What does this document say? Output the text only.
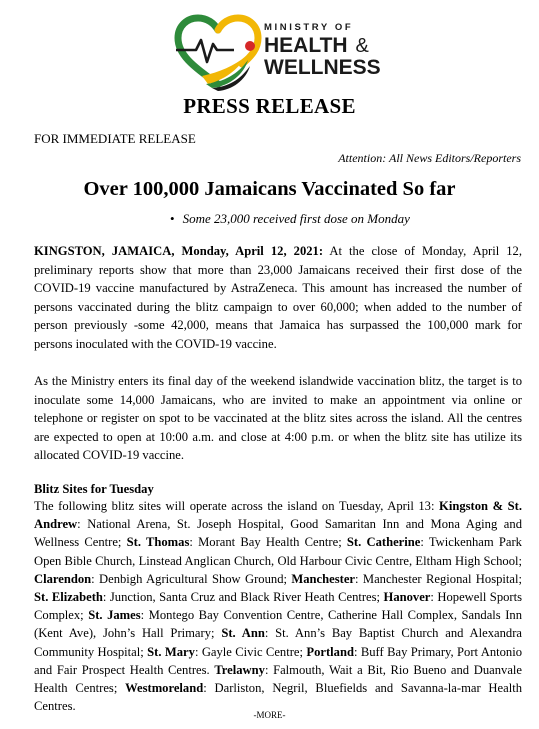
MINISTRY OF
HEALTH &
WELLNESS
PRESS RELEASE
FOR IMMEDIATE RELEASE
Attention: All News Editors/Reporters
Over 100,000 Jamaicans Vaccinated So far
• Some 23,000 received first dose on Monday
KINGSTON, JAMAICA, Monday, April 12, 2021: At the close of Monday, April 12, preliminary reports show that more than 23,000 Jamaicans received their first dose of the COVID-19 vaccine manufactured by AstraZeneca. This amount has increased the number of persons vaccinated during the blitz campaign to over 60,000; when added to the number of person previously -some 42,000, means that Jamaica has surpassed the 100,000 mark for persons inoculated with the COVID-19 vaccine.
As the Ministry enters its final day of the weekend islandwide vaccination blitz, the target is to inoculate some 14,000 Jamaicans, who are invited to make an appointment via online or telephone or register on spot to be vaccinated at the blitz sites across the island. All the centres are expected to open at 10:00 a.m. and close at 4:00 p.m. or when the blitz site has utilize its allocated COVID-19 vaccine.
Blitz Sites for Tuesday
The following blitz sites will operate across the island on Tuesday, April 13: Kingston & St. Andrew: National Arena, St. Joseph Hospital, Good Samaritan Inn and Mona Aging and Wellness Centre; St. Thomas: Morant Bay Health Centre; St. Catherine: Twickenham Park Open Bible Church, Linstead Anglican Church, Old Harbour Civic Centre, Eltham High School; Clarendon: Denbigh Agricultural Show Ground; Manchester: Manchester Regional Hospital; St. Elizabeth: Junction, Santa Cruz and Black River Heath Centres; Hanover: Hopewell Sports Complex; St. James: Montego Bay Convention Centre, Catherine Hall Complex, Sandals Inn (Kent Ave), John’s Hall Primary; St. Ann: St. Ann’s Bay Baptist Church and Alexandra Community Hospital; St. Mary: Gayle Civic Centre; Portland: Buff Bay Primary, Port Antonio and Fair Prospect Health Centres. Trelawny: Falmouth, Wait a Bit, Rio Bueno and Duanvale Health Centres; Westmoreland: Darliston, Negril, Bluefields and Savanna-la-mar Health Centres.
-MORE-
